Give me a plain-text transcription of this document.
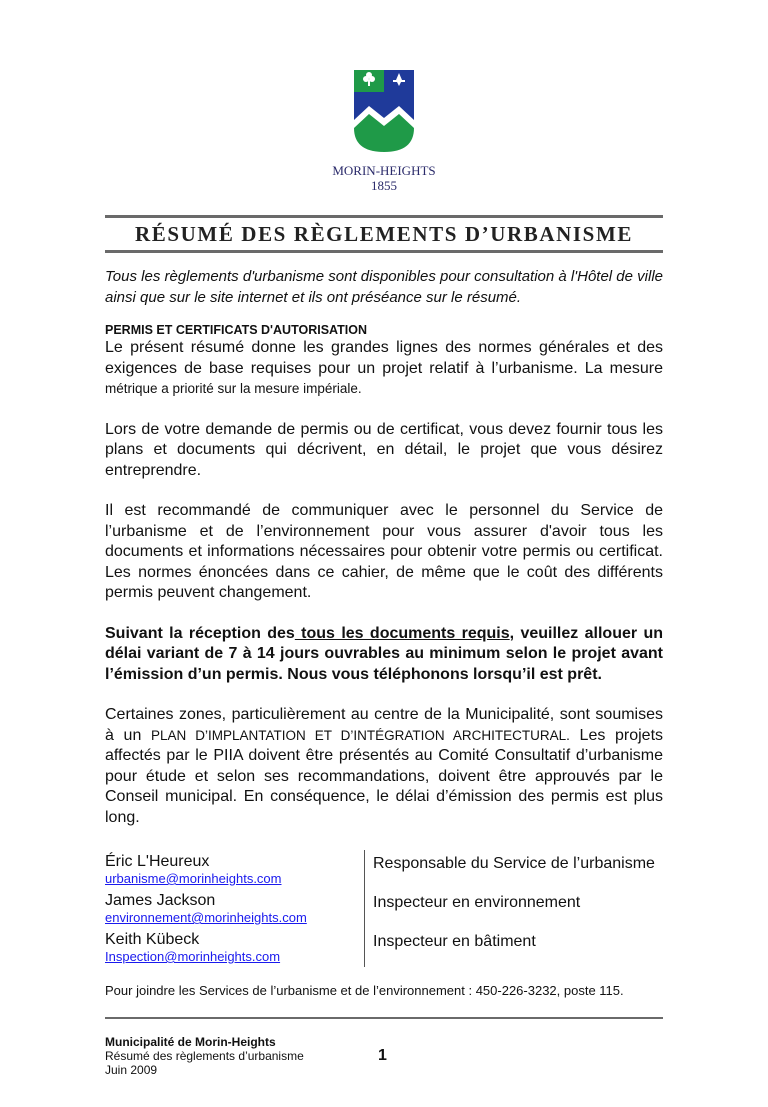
MORIN-HEIGHTS
1855
RÉSUMÉ DES RÈGLEMENTS D’URBANISME

Tous les règlements d'urbanisme sont disponibles pour consultation à l'Hôtel de ville ainsi que sur le site internet et ils ont préséance sur le résumé.

PERMIS ET CERTIFICATS D'AUTORISATION

Le présent résumé donne les grandes lignes des normes générales et des exigences de base requises pour un projet relatif à l’urbanisme. La mesure métrique a priorité sur la mesure impériale.

Lors de votre demande de permis ou de certificat, vous devez fournir tous les plans et documents qui décrivent, en détail, le projet que vous désirez entreprendre.

Il est recommandé de communiquer avec le personnel du Service de l’urbanisme et de l’environnement pour vous assurer d'avoir tous les documents et informations nécessaires pour obtenir votre permis ou certificat. Les normes énoncées dans ce cahier, de même que le coût des différents permis peuvent changement.

Suivant la réception des tous les documents requis, veuillez allouer un délai variant de 7 à 14 jours ouvrables au minimum selon le projet avant l’émission d’un permis. Nous vous téléphonons lorsqu’il est prêt.

Certaines zones, particulièrement au centre de la Municipalité, sont soumises à un PLAN D’IMPLANTATION ET D’INTÉGRATION ARCHITECTURAL. Les projets affectés par le PIIA doivent être présentés au Comité Consultatif d’urbanisme pour étude et selon ses recommandations, doivent être approuvés par le Conseil municipal. En conséquence, le délai d’émission des permis est plus long.

Éric L'Heureux
urbanisme@morinheights.com
Responsable du Service de l’urbanisme
James Jackson
environnement@morinheights.com
Inspecteur en environnement
Keith Kübeck
Inspection@morinheights.com
Inspecteur en bâtiment
Pour joindre les Services de l’urbanisme et de l’environnement : 450-226-3232, poste 115.
Municipalité de Morin-Heights
Résumé des règlements d’urbanisme
Juin 2009
1
